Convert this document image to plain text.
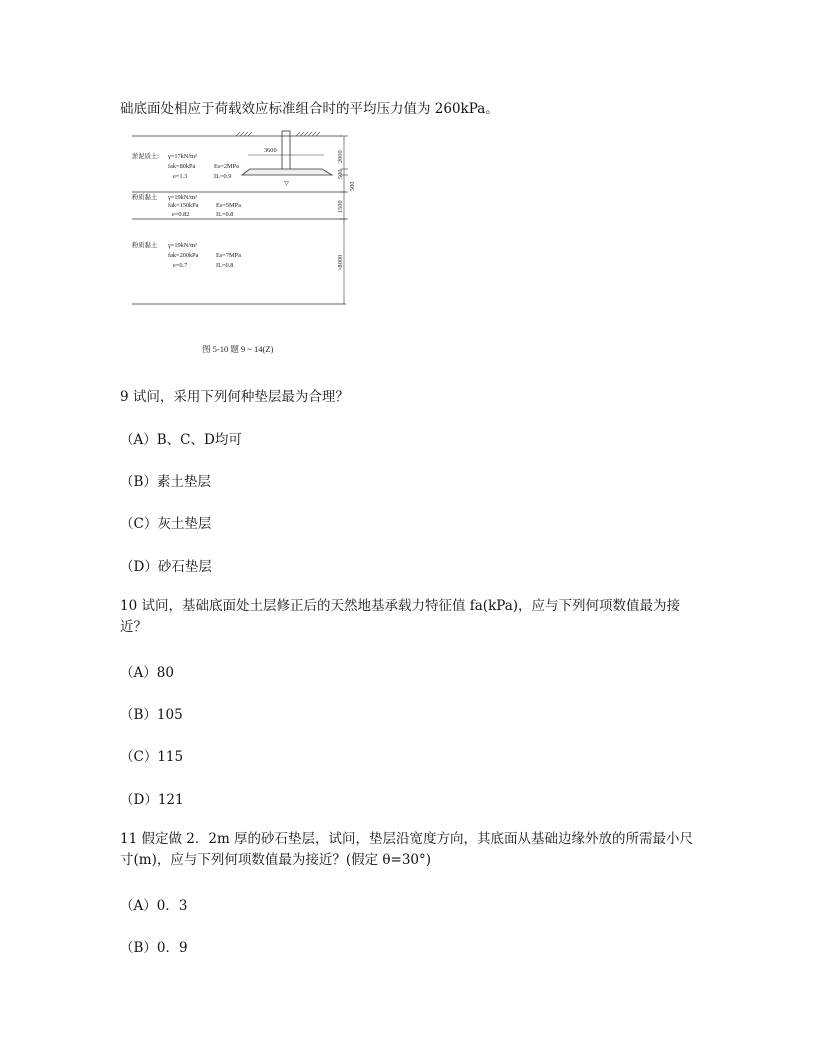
础底面处相应于荷载效应标准组合时的平均压力值为 260kPa。
3600
▽
2000
500
500
1500
>8000
淤泥质土: γ=17kN/m³
fak=80kPa	Es=2MPa
e=1.3	IL=0.9
粉质黏土 γ=19kN/m³
fak=150kPa	Es=5MPa
e=0.82	IL=0.8
粉质黏土 γ=19kN/m³
fak=200kPa	Es=7MPa
e=0.7	IL=0.8
图 5-10 题 9 ~ 14(Z)
9 试问，采用下列何种垫层最为合理？
（A）B、C、D均可
（B）素土垫层
（C）灰土垫层
（D）砂石垫层
10 试问，基础底面处土层修正后的天然地基承载力特征值 fa(kPa)，应与下列何项数值最为接近？
（A）80
（B）105
（C）115
（D）121
11 假定做 2．2m 厚的砂石垫层，试问，垫层沿宽度方向，其底面从基础边缘外放的所需最小尺寸(m)，应与下列何项数值最为接近？(假定 θ=30°)
（A）0．3
（B）0．9
